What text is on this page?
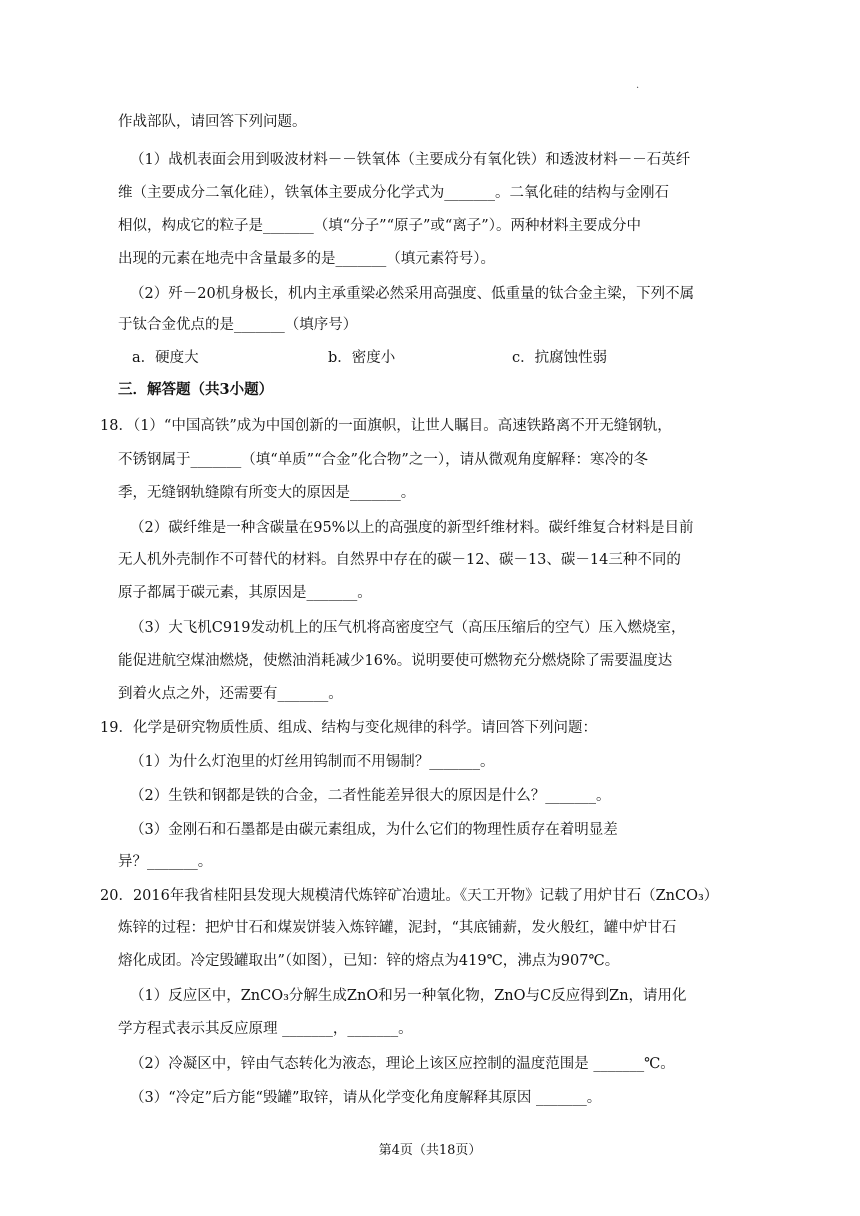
·
作战部队，请回答下列问题。
（1）战机表面会用到吸波材料－－铁氧体（主要成分有氧化铁）和透波材料－－石英纤
维（主要成分二氧化硅），铁氧体主要成分化学式为_______。二氧化硅的结构与金刚石
相似，构成它的粒子是_______（填“分子”“原子”或“离子”）。两种材料主要成分中
出现的元素在地壳中含量最多的是_______（填元素符号）。
（2）歼－20机身极长，机内主承重梁必然采用高强度、低重量的钛合金主梁，下列不属
于钛合金优点的是_______（填序号）
a．硬度大	b．密度小	c．抗腐蚀性弱
三．解答题（共3小题）
18．（1）“中国高铁”成为中国创新的一面旗帜，让世人瞩目。高速铁路离不开无缝钢轨，
不锈钢属于_______（填“单质”“合金”化合物”之一），请从微观角度解释：寒冷的冬
季，无缝钢轨缝隙有所变大的原因是_______。
（2）碳纤维是一种含碳量在95%以上的高强度的新型纤维材料。碳纤维复合材料是目前
无人机外壳制作不可替代的材料。自然界中存在的碳－12、碳－13、碳－14三种不同的
原子都属于碳元素，其原因是_______。
（3）大飞机C919发动机上的压气机将高密度空气（高压压缩后的空气）压入燃烧室，
能促进航空煤油燃烧，使燃油消耗减少16%。说明要使可燃物充分燃烧除了需要温度达
到着火点之外，还需要有_______。
19．化学是研究物质性质、组成、结构与变化规律的科学。请回答下列问题：
（1）为什么灯泡里的灯丝用钨制而不用锡制？_______。
（2）生铁和钢都是铁的合金，二者性能差异很大的原因是什么？_______。
（3）金刚石和石墨都是由碳元素组成，为什么它们的物理性质存在着明显差
异？_______。
20．2016年我省桂阳县发现大规模清代炼锌矿冶遗址。《天工开物》记载了用炉甘石（ZnCO₃）
炼锌的过程：把炉甘石和煤炭饼装入炼锌罐，泥封，“其底铺薪，发火般红，罐中炉甘石
熔化成团。冷定毁罐取出”（如图），已知：锌的熔点为419℃，沸点为907℃。
（1）反应区中，ZnCO₃分解生成ZnO和另一种氧化物，ZnO与C反应得到Zn，请用化
学方程式表示其反应原理 _______，_______。
（2）冷凝区中，锌由气态转化为液态，理论上该区应控制的温度范围是 _______℃。
（3）“冷定”后方能“毁罐”取锌，请从化学变化角度解释其原因 _______。
第4页（共18页）
